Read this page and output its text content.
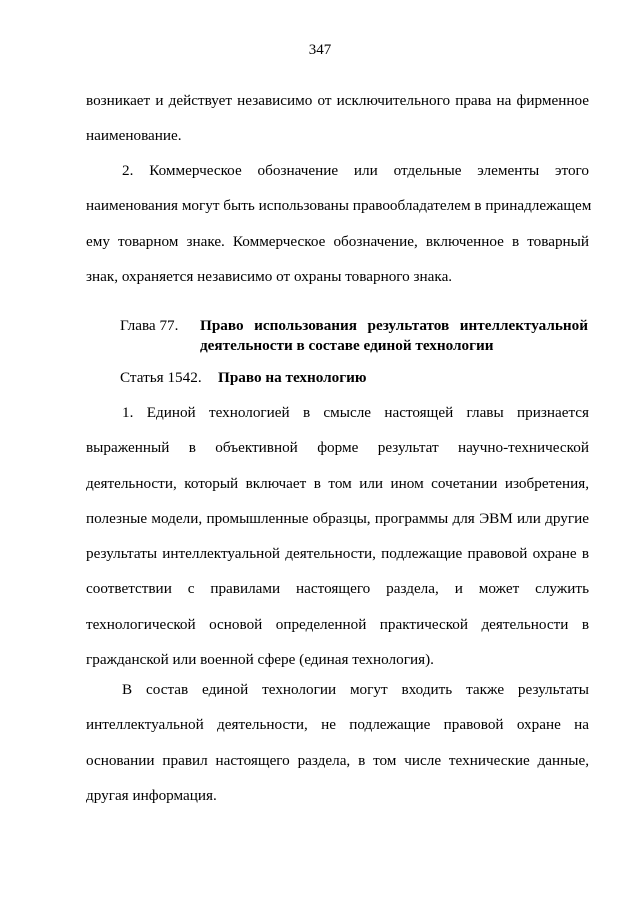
347
возникает и действует независимо от исключительного права на фирменное
наименование.
2. Коммерческое обозначение или отдельные элементы этого
наименования могут быть использованы правообладателем в принадлежащем
ему товарном знаке. Коммерческое обозначение, включенное в товарный
знак, охраняется независимо от охраны товарного знака.
Глава 77. Право использования результатов интеллектуальной
деятельности в составе единой технологии
Статья 1542. Право на технологию
1. Единой технологией в смысле настоящей главы признается
выраженный в объективной форме результат научно-технической
деятельности, который включает в том или ином сочетании изобретения,
полезные модели, промышленные образцы, программы для ЭВМ или другие
результаты интеллектуальной деятельности, подлежащие правовой охране в
соответствии с правилами настоящего раздела, и может служить
технологической основой определенной практической деятельности в
гражданской или военной сфере (единая технология).
В состав единой технологии могут входить также результаты
интеллектуальной деятельности, не подлежащие правовой охране на
основании правил настоящего раздела, в том числе технические данные,
другая информация.
